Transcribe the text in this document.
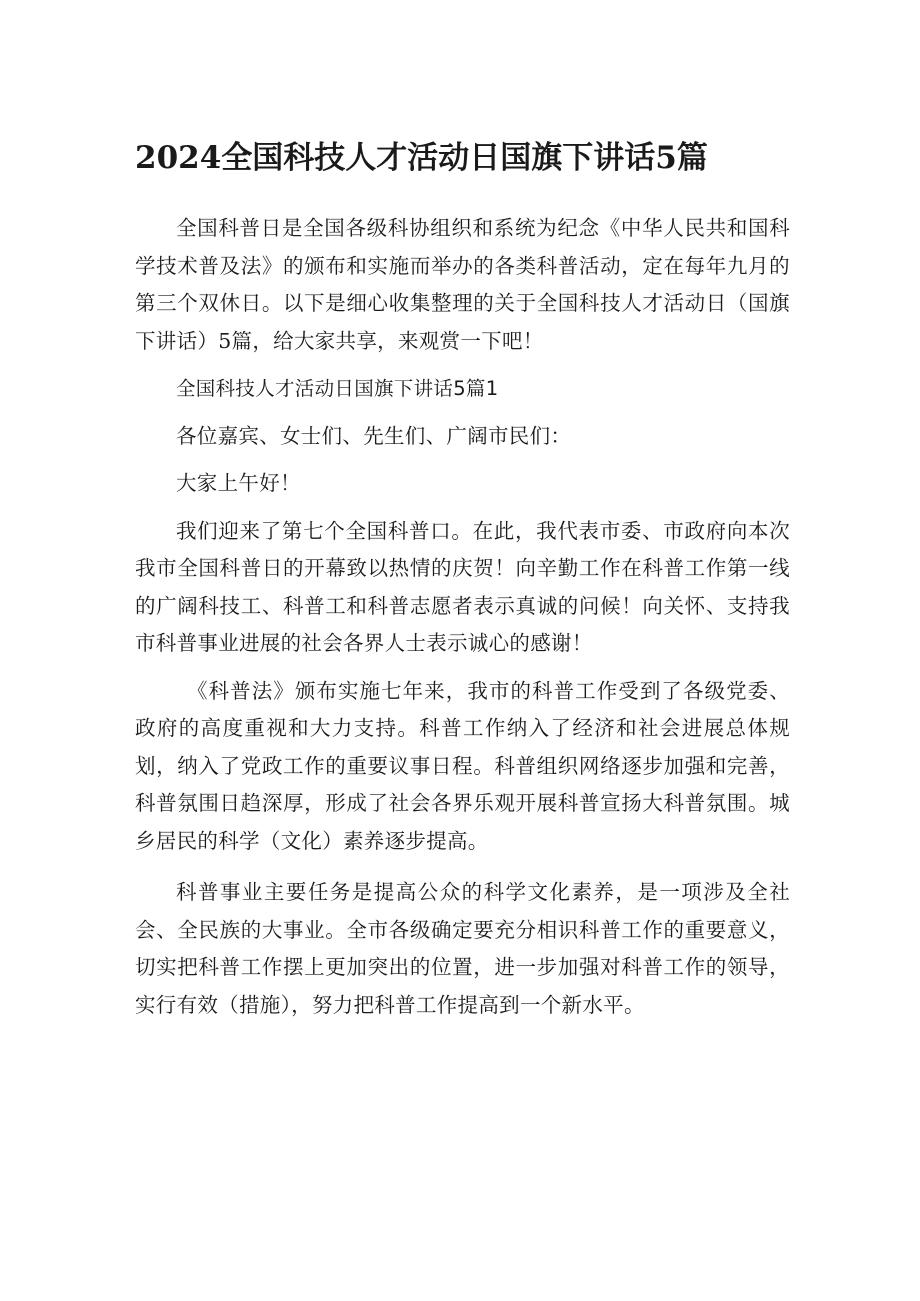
2024全国科技人才活动日国旗下讲话5篇

全国科普日是全国各级科协组织和系统为纪念《中华人民共和国科学技术普及法》的颁布和实施而举办的各类科普活动，定在每年九月的第三个双休日。以下是细心收集整理的关于全国科技人才活动日（国旗下讲话）5篇，给大家共享，来观赏一下吧！

全国科技人才活动日国旗下讲话5篇1

各位嘉宾、女士们、先生们、广阔市民们：

大家上午好！

我们迎来了第七个全国科普口。在此，我代表市委、市政府向本次我市全国科普日的开幕致以热情的庆贺！向辛勤工作在科普工作第一线的广阔科技工、科普工和科普志愿者表示真诚的问候！向关怀、支持我市科普事业进展的社会各界人士表示诚心的感谢！

《科普法》颁布实施七年来，我市的科普工作受到了各级党委、政府的高度重视和大力支持。科普工作纳入了经济和社会进展总体规划，纳入了党政工作的重要议事日程。科普组织网络逐步加强和完善，科普氛围日趋深厚，形成了社会各界乐观开展科普宣扬大科普氛围。城乡居民的科学（文化）素养逐步提高。

科普事业主要任务是提高公众的科学文化素养，是一项涉及全社会、全民族的大事业。全市各级确定要充分相识科普工作的重要意义，切实把科普工作摆上更加突出的位置，进一步加强对科普工作的领导，实行有效（措施），努力把科普工作提高到一个新水平。
